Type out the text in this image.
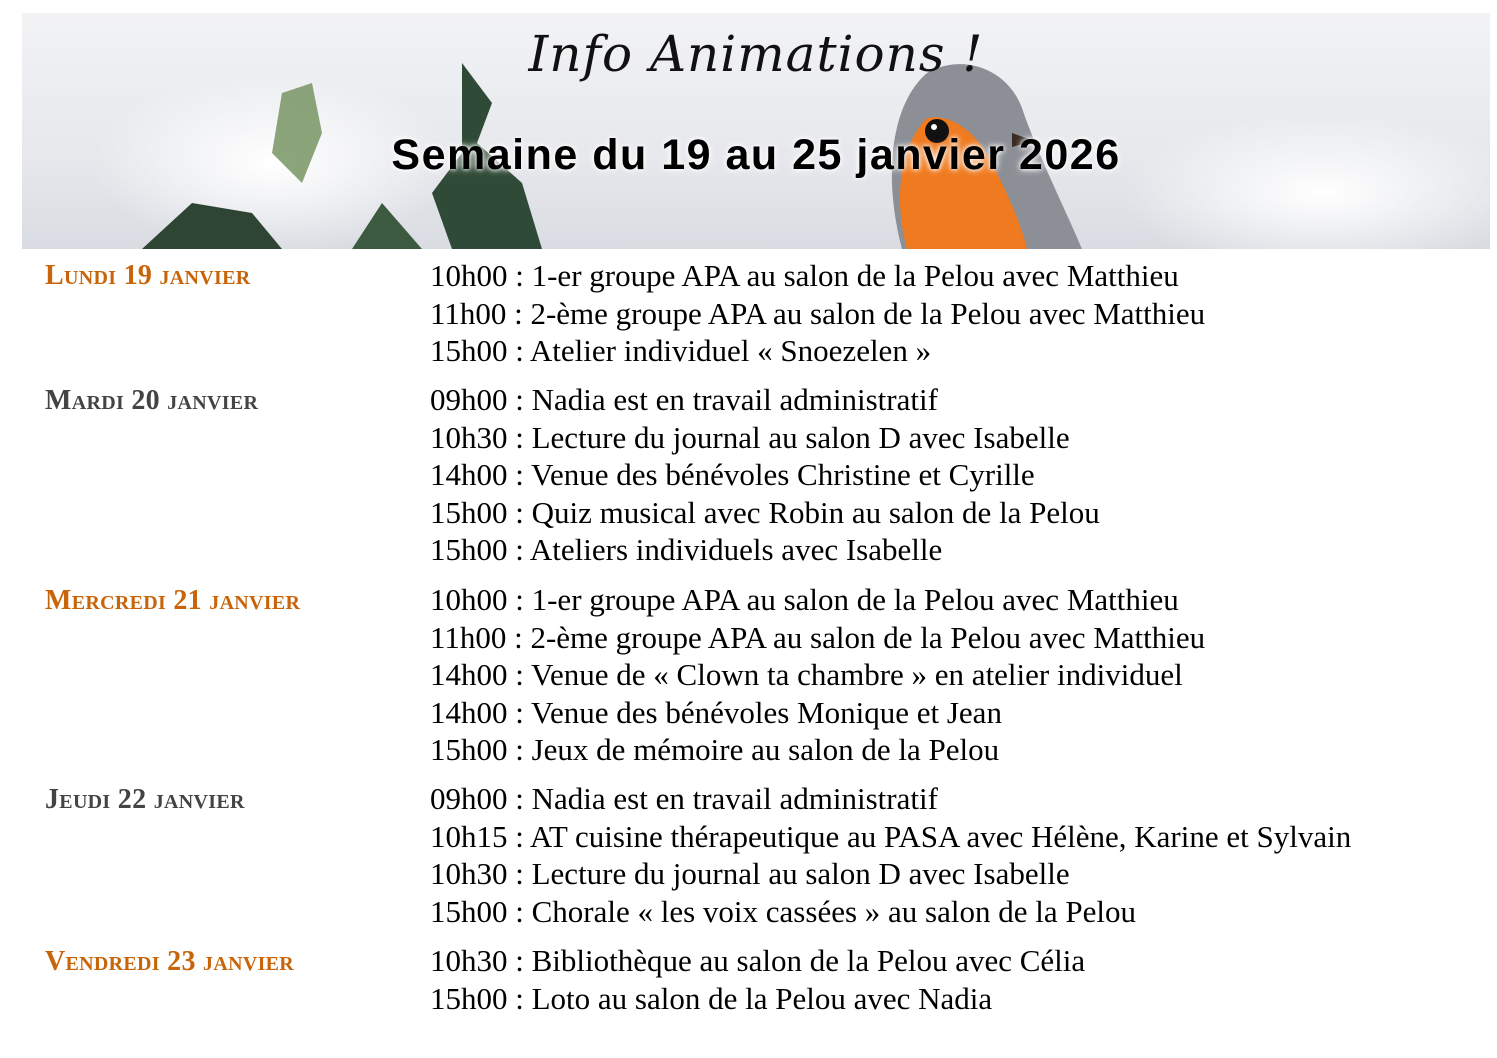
Info Animations !
Semaine du 19 au 25 janvier 2026
Lundi 19 janvier	10h00 : 1-er groupe APA au salon de la Pelou avec Matthieu
11h00 : 2-ème groupe APA au salon de la Pelou avec Matthieu
15h00 : Atelier individuel « Snoezelen »
Mardi 20 janvier	09h00 : Nadia est en travail administratif
10h30 : Lecture du journal au salon D avec Isabelle
14h00 : Venue des bénévoles Christine et Cyrille
15h00 : Quiz musical avec Robin au salon de la Pelou
15h00 : Ateliers individuels avec Isabelle
Mercredi 21 janvier	10h00 : 1-er groupe APA au salon de la Pelou avec Matthieu
11h00 : 2-ème groupe APA au salon de la Pelou avec Matthieu
14h00 : Venue de « Clown ta chambre » en atelier individuel
14h00 : Venue des bénévoles Monique et Jean
15h00 : Jeux de mémoire au salon de la Pelou
Jeudi 22 janvier	09h00 : Nadia est en travail administratif
10h15 : AT cuisine thérapeutique au PASA avec Hélène, Karine et Sylvain
10h30 : Lecture du journal au salon D avec Isabelle
15h00 : Chorale « les voix cassées » au salon de la Pelou
Vendredi 23 janvier	10h30 : Bibliothèque au salon de la Pelou avec Célia
15h00 : Loto au salon de la Pelou avec Nadia
